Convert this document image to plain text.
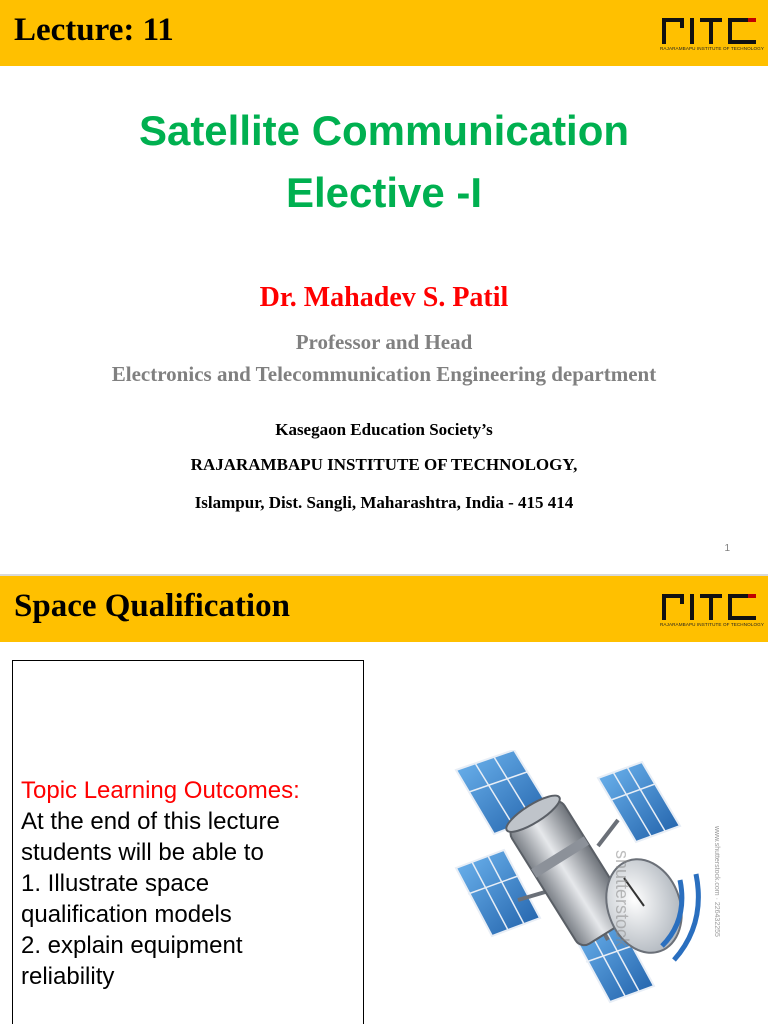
Lecture: 11
RAJARAMBAPU INSTITUTE OF TECHNOLOGY
Satellite Communication
Elective -I
Dr. Mahadev S. Patil
Professor and Head
Electronics and Telecommunication Engineering department
Kasegaon Education Society’s
RAJARAMBAPU INSTITUTE OF TECHNOLOGY,
Islampur, Dist. Sangli, Maharashtra, India - 415 414
1
Space Qualification
RAJARAMBAPU INSTITUTE OF TECHNOLOGY
Topic Learning Outcomes:
At the end of this lecture
students will be able to
1. Illustrate space
qualification models
2. explain equipment
reliability
shutterstock	www.shutterstock.com · 226432255
